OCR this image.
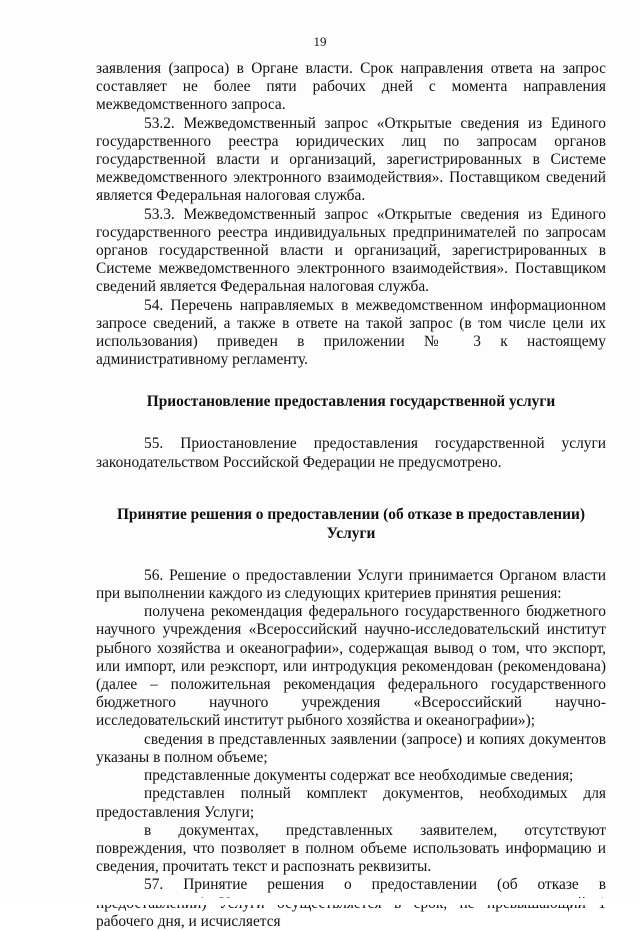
19

заявления (запроса) в Органе власти. Срок направления ответа на запрос составляет не более пяти рабочих дней с момента направления межведомственного запроса.

53.2. Межведомственный запрос «Открытые сведения из Единого государственного реестра юридических лиц по запросам органов государственной власти и организаций, зарегистрированных в Системе межведомственного электронного взаимодействия». Поставщиком сведений является Федеральная налоговая служба.

53.3. Межведомственный запрос «Открытые сведения из Единого государственного реестра индивидуальных предпринимателей по запросам органов государственной власти и организаций, зарегистрированных в Системе межведомственного электронного взаимодействия». Поставщиком сведений является Федеральная налоговая служба.

54. Перечень направляемых в межведомственном информационном запросе сведений, а также в ответе на такой запрос (в том числе цели их использования) приведен в приложении № 3 к настоящему административному регламенту.

Приостановление предоставления государственной услуги

55. Приостановление предоставления государственной услуги законодательством Российской Федерации не предусмотрено.

Принятие решения о предоставлении (об отказе в предоставлении)
Услуги

56. Решение о предоставлении Услуги принимается Органом власти при выполнении каждого из следующих критериев принятия решения:

получена рекомендация федерального государственного бюджетного научного учреждения «Всероссийский научно-исследовательский институт рыбного хозяйства и океанографии», содержащая вывод о том, что экспорт, или импорт, или реэкспорт, или интродукция рекомендован (рекомендована) (далее – положительная рекомендация федерального государственного бюджетного научного учреждения «Всероссийский научно-исследовательский институт рыбного хозяйства и океанографии»);

сведения в представленных заявлении (запросе) и копиях документов указаны в полном объеме;

представленные документы содержат все необходимые сведения;

представлен полный комплект документов, необходимых для предоставления Услуги;

в документах, представленных заявителем, отсутствуют повреждения, что позволяет в полном объеме использовать информацию и сведения, прочитать текст и распознать реквизиты.

57. Принятие решения о предоставлении (об отказе в рабочего дня, и исчисляется
